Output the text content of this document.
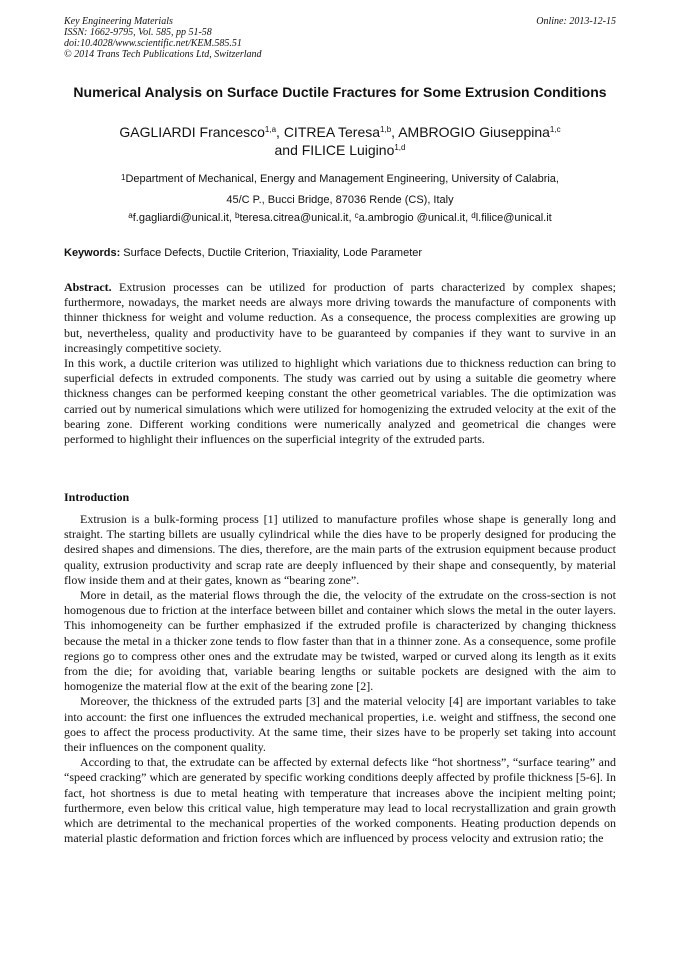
Key Engineering Materials
ISSN: 1662-9795, Vol. 585, pp 51-58
doi:10.4028/www.scientific.net/KEM.585.51
© 2014 Trans Tech Publications Ltd, Switzerland
Online: 2013-12-15
Numerical Analysis on Surface Ductile Fractures for Some Extrusion Conditions
GAGLIARDI Francesco$^{1,a}$, CITREA Teresa$^{1,b}$, AMBROGIO Giuseppina$^{1,c}$
and FILICE Luigino$^{1,d}$
$^1$Department of Mechanical, Energy and Management Engineering, University of Calabria,
45/C P., Bucci Bridge, 87036 Rende (CS), Italy
$^a$f.gagliardi@unical.it, $^b$teresa.citrea@unical.it, $^c$a.ambrogio @unical.it, $^d$l.filice@unical.it
Keywords: Surface Defects, Ductile Criterion, Triaxiality, Lode Parameter

Abstract. Extrusion processes can be utilized for production of parts characterized by complex shapes; furthermore, nowadays, the market needs are always more driving towards the manufacture of components with thinner thickness for weight and volume reduction. As a consequence, the process complexities are growing up but, nevertheless, quality and productivity have to be guaranteed by companies if they want to survive in an increasingly competitive society.

In this work, a ductile criterion was utilized to highlight which variations due to thickness reduction can bring to superficial defects in extruded components. The study was carried out by using a suitable die geometry where thickness changes can be performed keeping constant the other geometrical variables. The die optimization was carried out by numerical simulations which were utilized for homogenizing the extruded velocity at the exit of the bearing zone. Different working conditions were numerically analyzed and geometrical die changes were performed to highlight their influences on the superficial integrity of the extruded parts.

Introduction

Extrusion is a bulk-forming process [1] utilized to manufacture profiles whose shape is generally long and straight. The starting billets are usually cylindrical while the dies have to be properly designed for producing the desired shapes and dimensions. The dies, therefore, are the main parts of the extrusion equipment because product quality, extrusion productivity and scrap rate are deeply influenced by their shape and consequently, by material flow inside them and at their gates, known as “bearing zone”.

More in detail, as the material flows through the die, the velocity of the extrudate on the cross-section is not homogenous due to friction at the interface between billet and container which slows the metal in the outer layers. This inhomogeneity can be further emphasized if the extruded profile is characterized by changing thickness because the metal in a thicker zone tends to flow faster than that in a thinner zone. As a consequence, some profile regions go to compress other ones and the extrudate may be twisted, warped or curved along its length as it exits from the die; for avoiding that, variable bearing lengths or suitable pockets are designed with the aim to homogenize the material flow at the exit of the bearing zone [2].

Moreover, the thickness of the extruded parts [3] and the material velocity [4] are important variables to take into account: the first one influences the extruded mechanical properties, i.e. weight and stiffness, the second one goes to affect the process productivity. At the same time, their sizes have to be properly set taking into account their influences on the component quality.

According to that, the extrudate can be affected by external defects like “hot shortness”, “surface tearing” and “speed cracking” which are generated by specific working conditions deeply affected by profile thickness [5-6]. In fact, hot shortness is due to metal heating with temperature that increases above the incipient melting point; furthermore, even below this critical value, high temperature may lead to local recrystallization and grain growth which are detrimental to the mechanical properties of the worked components. Heating production depends on material plastic deformation and friction forces which are influenced by process velocity and extrusion ratio; the
